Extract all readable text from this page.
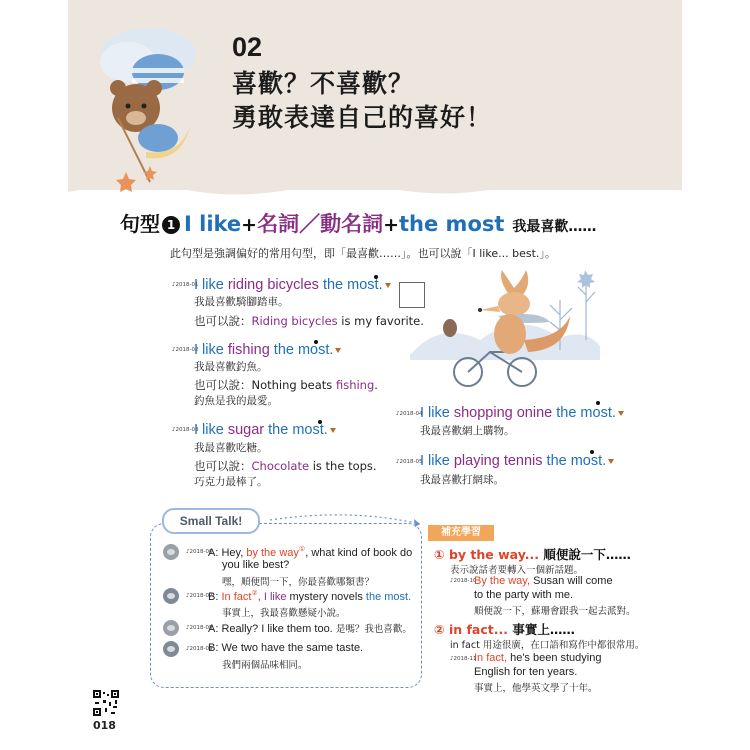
02
喜歡？不喜歡？
勇敢表達自己的喜好！
句型 1 I like+名詞／動名詞+the most 我最喜歡……
此句型是強調偏好的常用句型，即「最喜歡……」。也可以說「I like... best.」。
♪2018-01
I like riding bicycles the most.
我最喜歡騎腳踏車。
也可以說：Riding bicycles is my favorite.
♪2018-02
I like fishing the most.
我最喜歡釣魚。
也可以說：Nothing beats fishing.
釣魚是我的最愛。
♪2018-03
I like sugar the most.
我最喜歡吃糖。
也可以說：Chocolate is the tops.
巧克力最棒了。
♪2018-04
I like shopping onine the most.
我最喜歡網上購物。
♪2018-05
I like playing tennis the most.
我最喜歡打網球。
Small Talk!
♪2018-06
A: Hey, by the way①, what kind of book do
you like best?
嘿，順便問一下，你最喜歡哪類書？
♪2018-07
B: In fact②, I like mystery novels the most.
事實上，我最喜歡懸疑小說。
♪2018-08
A: Really? I like them too. 是嗎？我也喜歡。
♪2018-09
B: We two have the same taste.
我們兩個品味相同。
補充學習
① by the way... 順便說一下……
表示說話者要轉入一個新話題。
♪2018-10
By the way, Susan will come
to the party with me.
順便說一下，蘇珊會跟我一起去派對。
② in fact... 事實上……
in fact 用途很廣，在口語和寫作中都很常用。
♪2018-11
In fact, he's been studying
English for ten years.
事實上，他學英文學了十年。
018
